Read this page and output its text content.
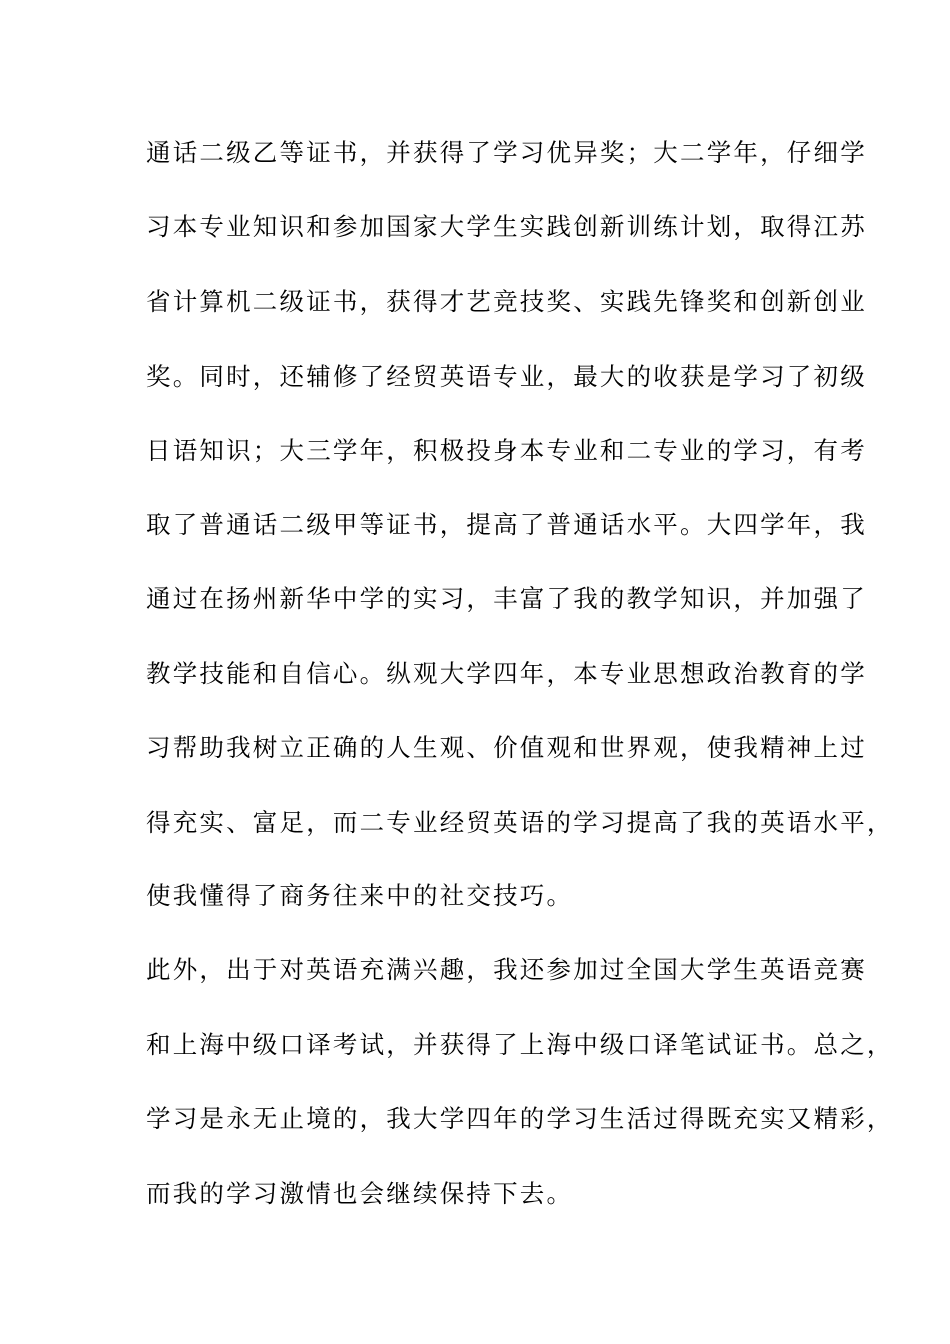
通话二级乙等证书，并获得了学习优异奖；大二学年，仔细学
习本专业知识和参加国家大学生实践创新训练计划，取得江苏
省计算机二级证书，获得才艺竞技奖、实践先锋奖和创新创业
奖。同时，还辅修了经贸英语专业，最大的收获是学习了初级
日语知识；大三学年，积极投身本专业和二专业的学习，有考
取了普通话二级甲等证书，提高了普通话水平。大四学年，我
通过在扬州新华中学的实习，丰富了我的教学知识，并加强了
教学技能和自信心。纵观大学四年，本专业思想政治教育的学
习帮助我树立正确的人生观、价值观和世界观，使我精神上过
得充实、富足，而二专业经贸英语的学习提高了我的英语水平，
使我懂得了商务往来中的社交技巧。
此外，出于对英语充满兴趣，我还参加过全国大学生英语竞赛
和上海中级口译考试，并获得了上海中级口译笔试证书。总之，
学习是永无止境的，我大学四年的学习生活过得既充实又精彩，
而我的学习激情也会继续保持下去。
